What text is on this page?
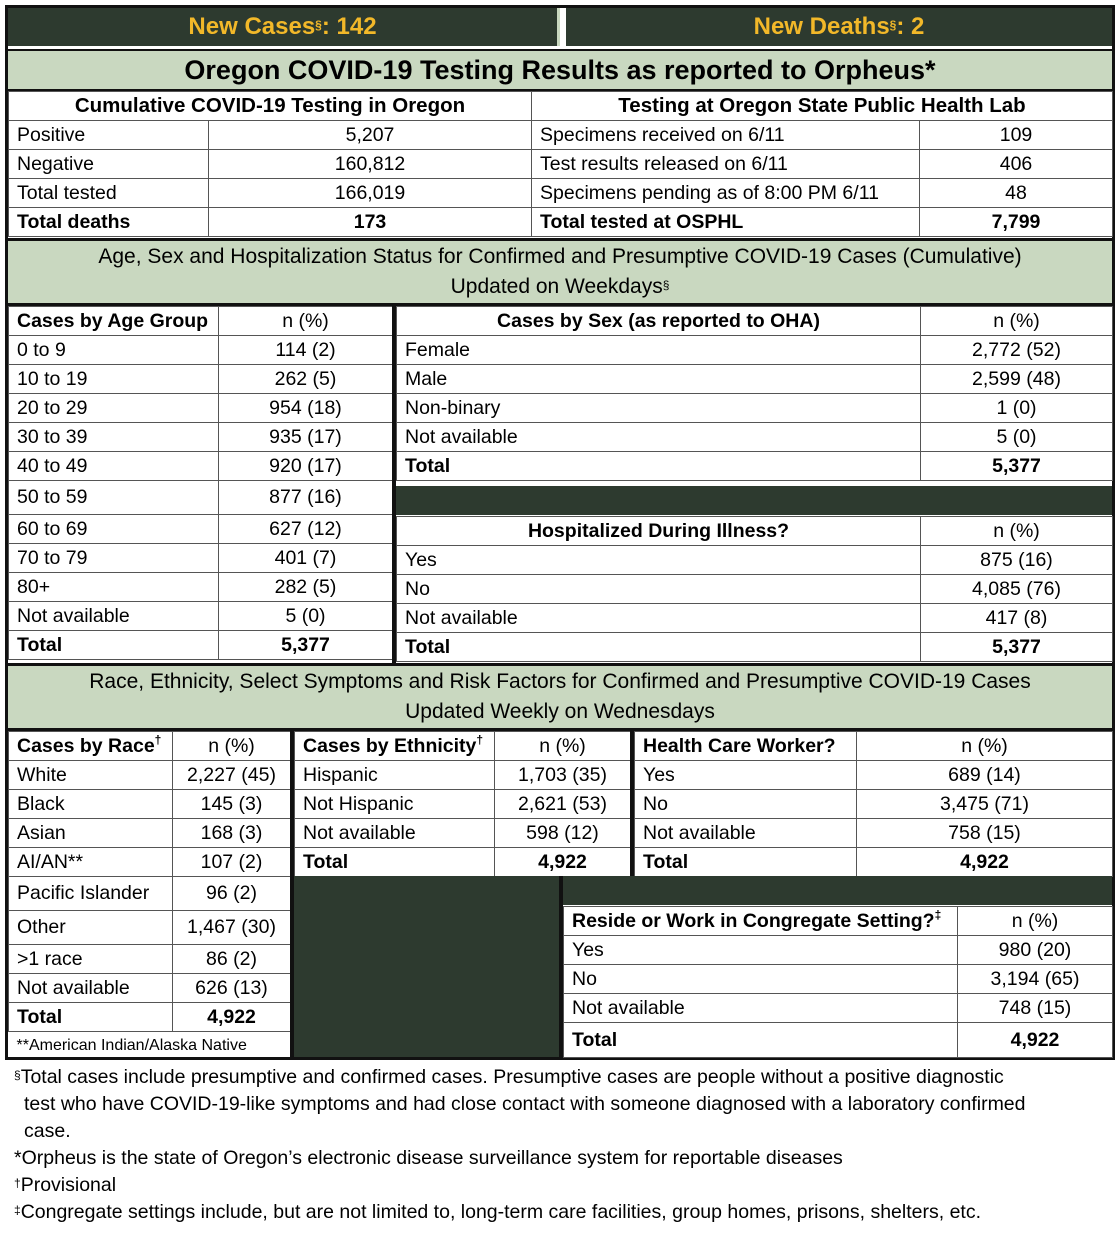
New Cases§ : 142	New Deaths§ : 2
Oregon COVID-19 Testing Results as reported to Orpheus*
Cumulative COVID-19 Testing in Oregon		Testing at Oregon State Public Health Lab	
Positive	5,207	Specimens received on 6/11	109
Negative	160,812	Test results released on 6/11	406
Total tested	166,019	Specimens pending as of 8:00 PM 6/11	48
Total deaths	173	Total tested at OSPHL	7,799
Age, Sex and Hospitalization Status for Confirmed and Presumptive COVID-19 Cases (Cumulative)
Updated on Weekdays§
Cases by Age Group	n (%)
0 to 9	114 (2)
10 to 19	262 (5)
20 to 29	954 (18)
30 to 39	935 (17)
40 to 49	920 (17)
50 to 59	877 (16)
60 to 69	627 (12)
70 to 79	401 (7)
80+	282 (5)
Not available	5 (0)
Total	5,377
Cases by Sex (as reported to OHA)	n (%)
Female	2,772 (52)
Male	2,599 (48)
Non-binary	1 (0)
Not available	5 (0)
Total	5,377
Hospitalized During Illness?	n (%)
Yes	875 (16)
No	4,085 (76)
Not available	417 (8)
Total	5,377
Race, Ethnicity, Select Symptoms and Risk Factors for Confirmed and Presumptive COVID-19 Cases
Updated Weekly on Wednesdays
Cases by Race†	n (%)
White	2,227 (45)
Black	145 (3)
Asian	168 (3)
AI/AN**	107 (2)
Pacific Islander	96 (2)
Other	1,467 (30)
>1 race	86 (2)
Not available	626 (13)
Total	4,922
**American Indian/Alaska Native	
Cases by Ethnicity†	n (%)
Hispanic	1,703 (35)
Not Hispanic	2,621 (53)
Not available	598 (12)
Total	4,922
Health Care Worker?	n (%)
Yes	689 (14)
No	3,475 (71)
Not available	758 (15)
Total	4,922
Reside or Work in Congregate Setting?‡	n (%)
Yes	980 (20)
No	3,194 (65)
Not available	748 (15)
Total	4,922
§Total cases include presumptive and confirmed cases. Presumptive cases are people without a positive diagnostic
test who have COVID-19-like symptoms and had close contact with someone diagnosed with a laboratory confirmed
case.
*Orpheus is the state of Oregon’s electronic disease surveillance system for reportable diseases
†Provisional
‡Congregate settings include, but are not limited to, long-term care facilities, group homes, prisons, shelters, etc.
